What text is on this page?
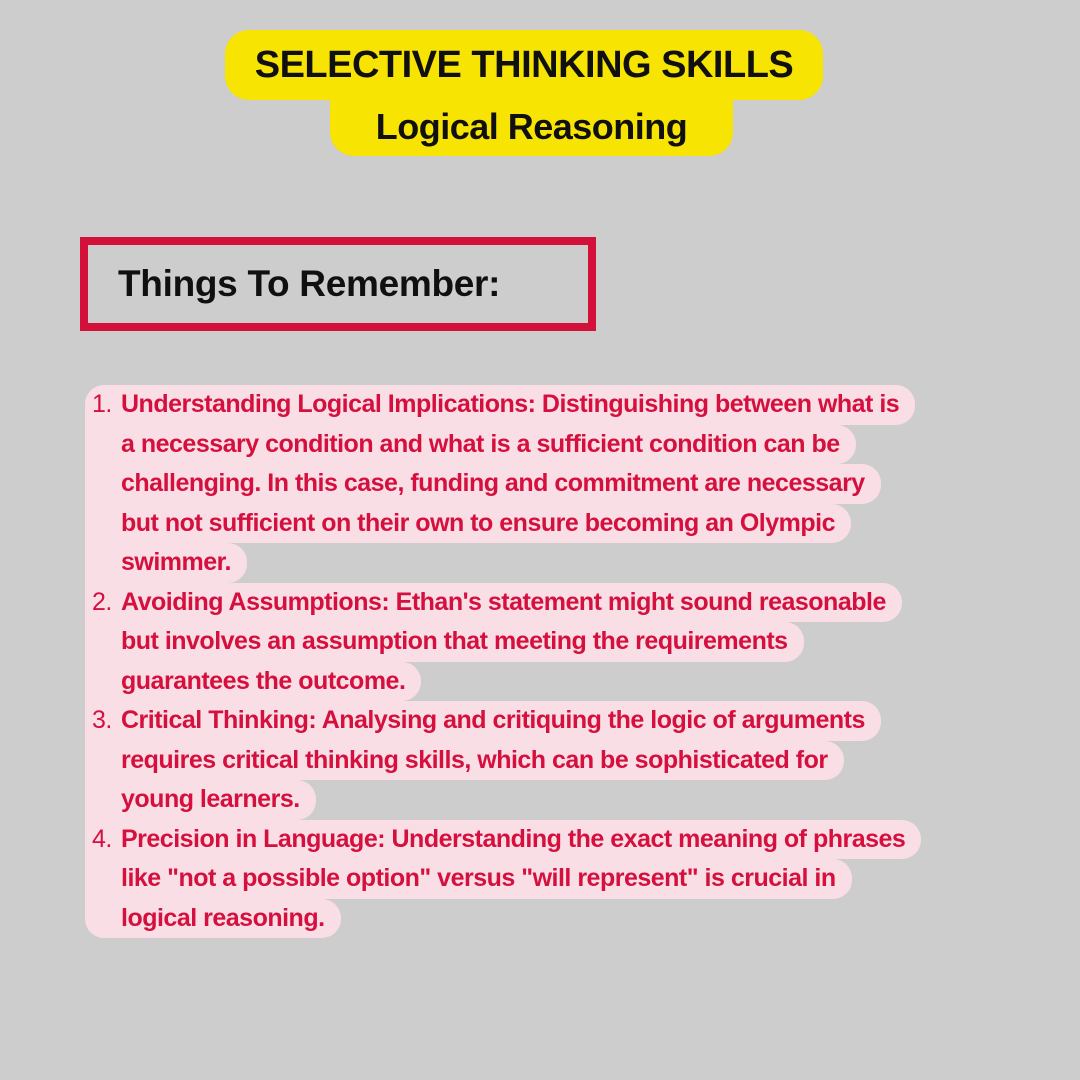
SELECTIVE THINKING SKILLS
Logical Reasoning
Things To Remember:
1. Understanding Logical Implications: Distinguishing between what is
a necessary condition and what is a sufficient condition can be
challenging. In this case, funding and commitment are necessary
but not sufficient on their own to ensure becoming an Olympic
swimmer.
2. Avoiding Assumptions: Ethan's statement might sound reasonable
but involves an assumption that meeting the requirements
guarantees the outcome.
3. Critical Thinking: Analysing and critiquing the logic of arguments
requires critical thinking skills, which can be sophisticated for
young learners.
4. Precision in Language: Understanding the exact meaning of phrases
like "not a possible option" versus "will represent" is crucial in
logical reasoning.
